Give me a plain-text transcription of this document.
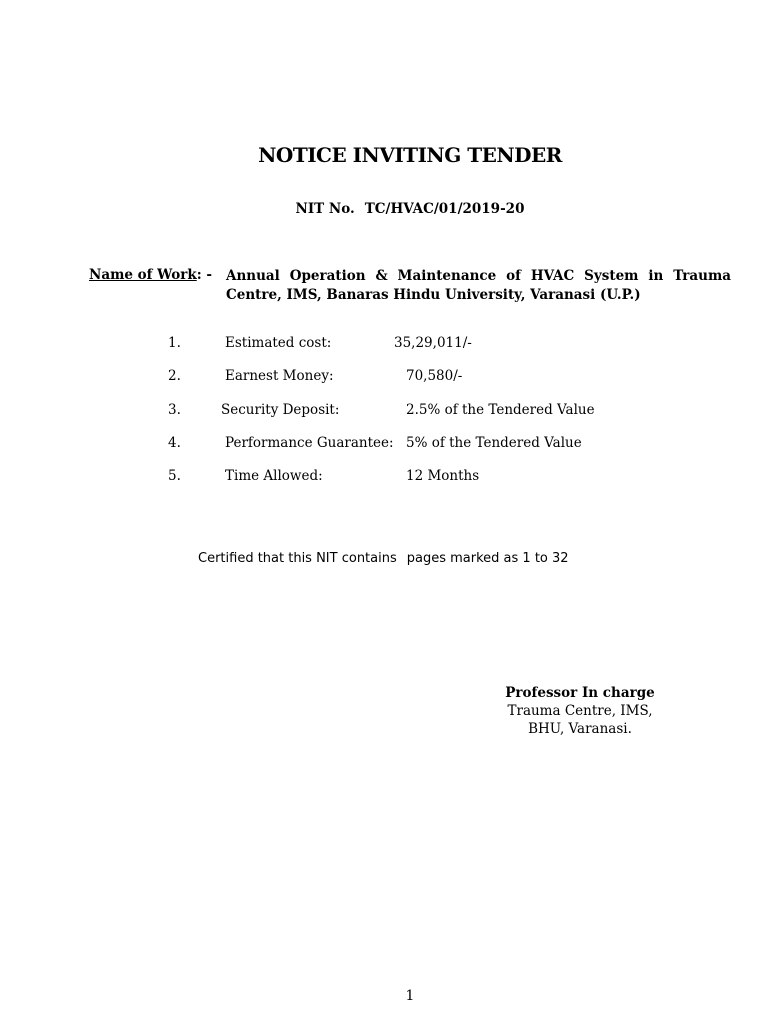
NOTICE INVITING TENDER
NIT No. TC/HVAC/01/2019-20
Name of Work: - Annual Operation & Maintenance of HVAC System in Trauma Centre, IMS, Banaras Hindu University, Varanasi (U.P.)
1.	Estimated cost:	35,29,011/-
2.	Earnest Money:	70,580/-
3.	Security Deposit:	2.5% of the Tendered Value
4.	Performance Guarantee: 5% of the Tendered Value
5.	Time Allowed:	12 Months
Certified that this NIT contains pages marked as 1 to 32
Professor In charge
Trauma Centre, IMS,
BHU, Varanasi.
1
